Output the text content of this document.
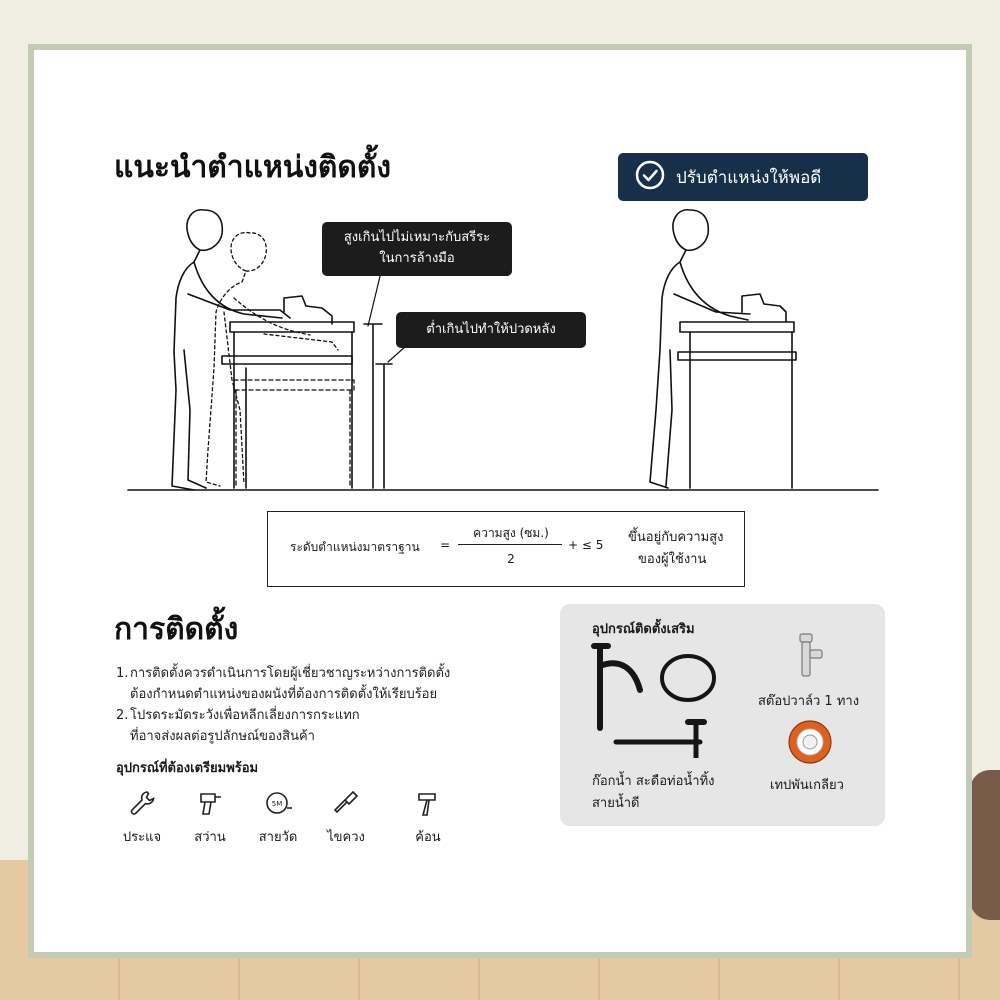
แนะนำตำแหน่งติดตั้ง	ปรับตำแหน่งให้พอดี
สูงเกินไปไม่เหมาะกับสรีระ
ในการล้างมือ
ต่ำเกินไปทำให้ปวดหลัง
ระดับตำแหน่งมาตราฐาน =
ความสูง (ซม.)
2
+ ≤ 5 ขึ้นอยู่กับความสูง
ของผู้ใช้งาน
การติดตั้ง
1. การติดตั้งควรดำเนินการโดยผู้เชี่ยวชาญระหว่างการติดตั้ง
ต้องกำหนดตำแหน่งของผนังที่ต้องการติดตั้งให้เรียบร้อย
2. โปรดระมัดระวังเพื่อหลีกเลี่ยงการกระแทก
ที่อาจส่งผลต่อรูปลักษณ์ของสินค้า
อุปกรณ์ที่ต้องเตรียมพร้อม
ประแจ	สว่าน
5M
สายวัด	ไขควง	ค้อน
อุปกรณ์ติดตั้งเสริม
ก๊อกน้ำ สะดือท่อน้ำทิ้ง
สายน้ำดี
สต๊อปวาล์ว 1 ทาง
เทปพันเกลียว
